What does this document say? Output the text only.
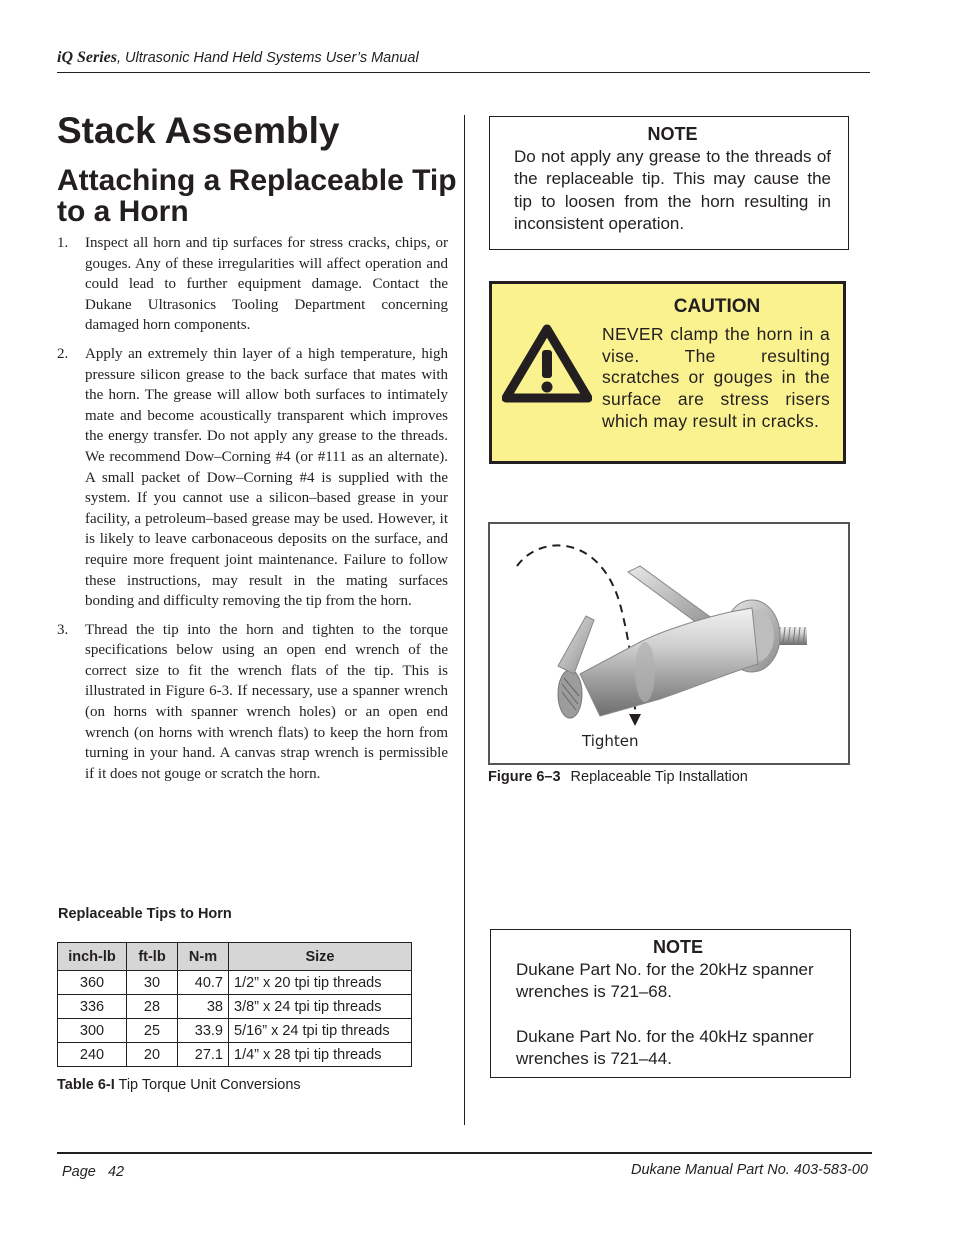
iQ Series, Ultrasonic Hand Held Systems User’s Manual
Stack Assembly
Attaching a Replaceable Tip to a Horn
1. Inspect all horn and tip surfaces for stress cracks, chips, or gouges. Any of these irregularities will affect operation and could lead to further equipment damage. Contact the Dukane Ultrasonics Tooling Department concerning damaged horn components.
2. Apply an extremely thin layer of a high temperature, high pressure silicon grease to the back surface that mates with the horn. The grease will allow both surfaces to intimately mate and become acoustically transparent which improves the energy transfer. Do not apply any grease to the threads. We recommend Dow–Corning #4 (or #111 as an alternate). A small packet of Dow–Corning #4 is supplied with the system. If you cannot use a silicon–based grease in your facility, a petroleum–based grease may be used. However, it is likely to leave carbonaceous deposits on the surface, and require more frequent joint maintenance. Failure to follow these instructions, may result in the mating surfaces bonding and difficulty removing the tip from the horn.
3. Thread the tip into the horn and tighten to the torque specifications below using an open end wrench of the correct size to fit the wrench flats of the tip. This is illustrated in Figure 6-3. If necessary, use a spanner wrench (on horns with spanner wrench holes) or an open end wrench (on horns with wrench flats) to keep the horn from turning in your hand. A canvas strap wrench is permissible if it does not gouge or scratch the horn.
Replaceable Tips to Horn
inch-lb	ft-lb	N-m	Size
360	30	40.7	1/2” x 20 tpi tip threads
336	28	38	3/8” x 24 tpi tip threads
300	25	33.9	5/16” x 24 tpi tip threads
240	20	27.1	1/4” x 28 tpi tip threads
Table 6-I Tip Torque Unit Conversions
NOTE
Do not apply any grease to the threads of the replaceable tip. This may cause the tip to loosen from the horn resulting in inconsistent operation.
CAUTION
NEVER clamp the horn in a vise. The resulting scratches or gouges in the surface are stress risers which may result in cracks.
Tighten
Figure 6–3 Replaceable Tip Installation
NOTE

Dukane Part No. for the 20kHz spanner wrenches is 721–68.

Dukane Part No. for the 40kHz spanner wrenches is 721–44.

Page   42	Dukane Manual Part No. 403-583-00
